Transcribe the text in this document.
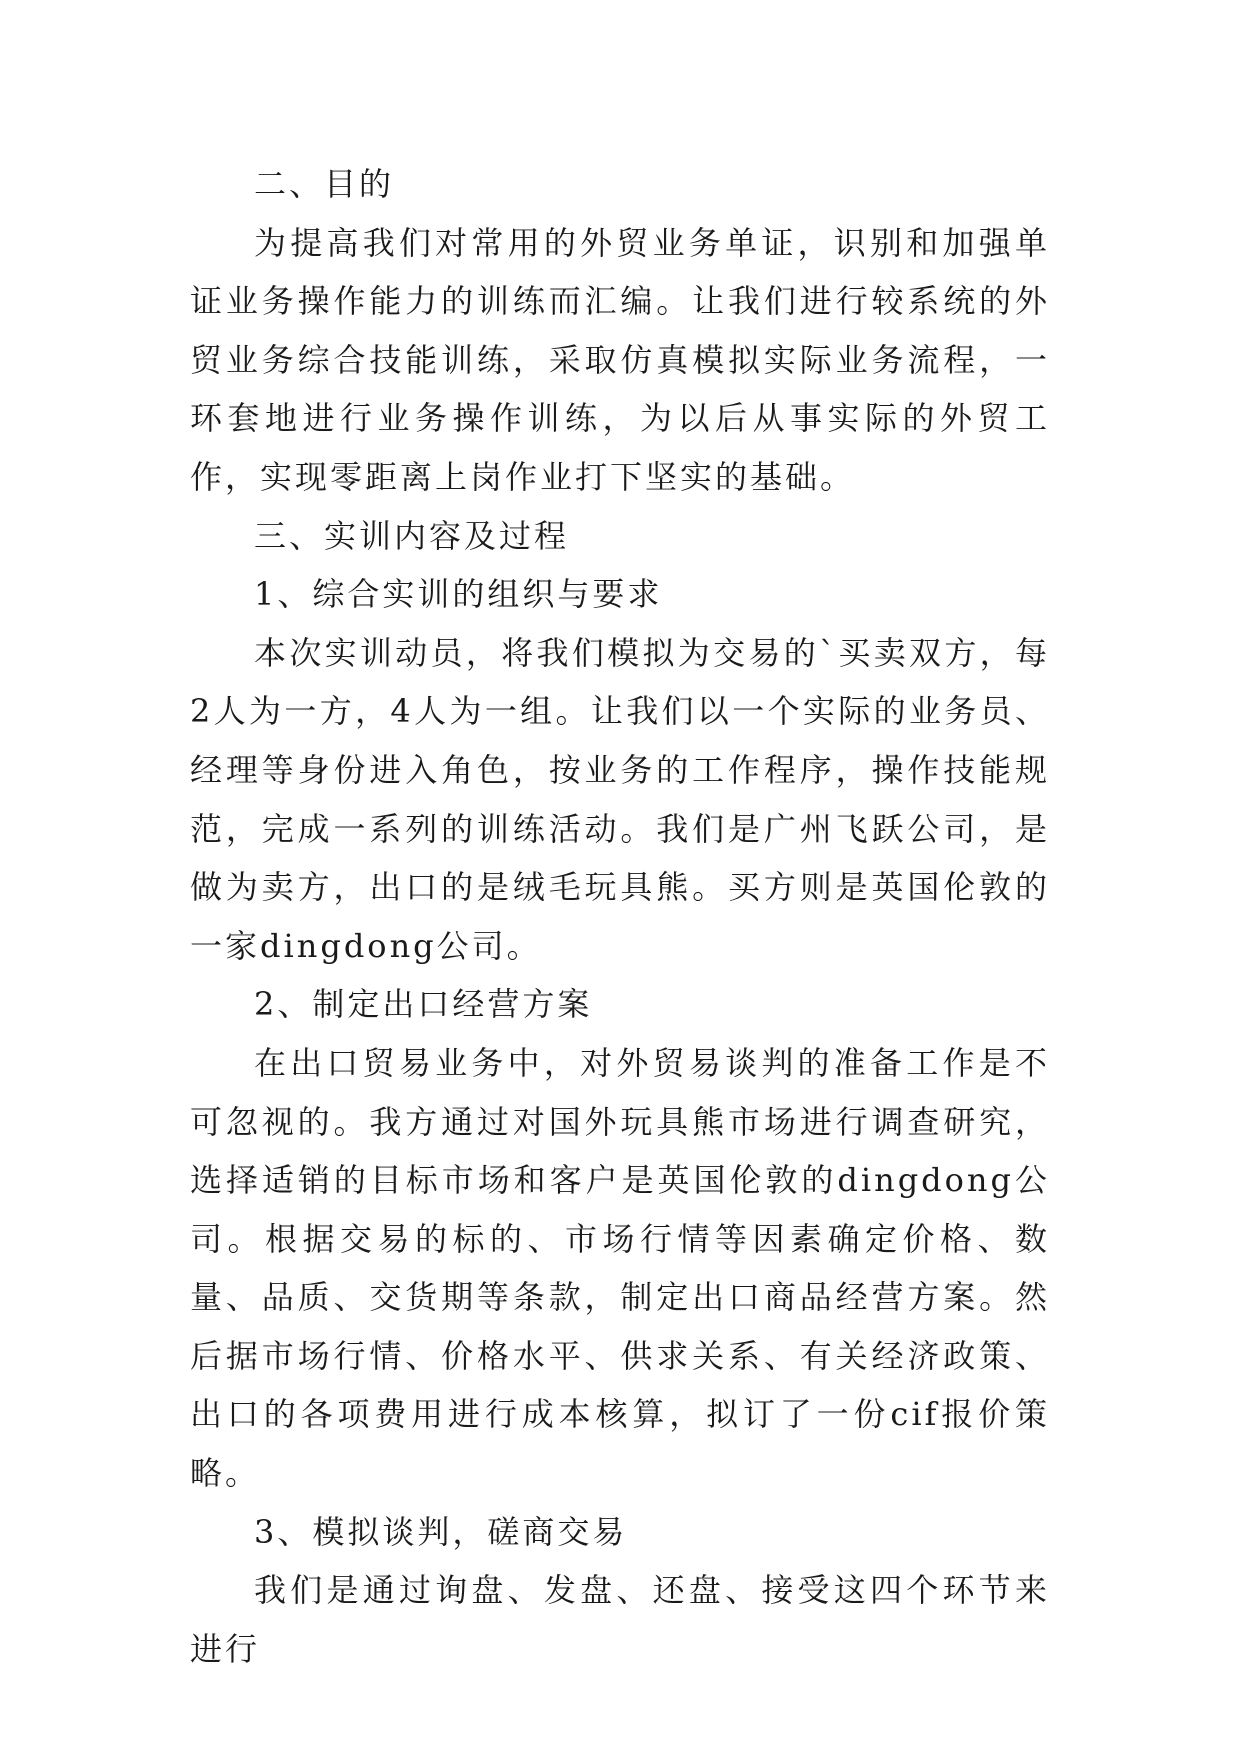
二、目的

为提高我们对常用的外贸业务单证，识别和加强单证业务操作能力的训练而汇编。让我们进行较系统的外贸业务综合技能训练，采取仿真模拟实际业务流程，一环套地进行业务操作训练，为以后从事实际的外贸工作，实现零距离上岗作业打下坚实的基础。

三、实训内容及过程

1、综合实训的组织与要求

本次实训动员，将我们模拟为交易的`买卖双方，每2人为一方，4人为一组。让我们以一个实际的业务员、经理等身份进入角色，按业务的工作程序，操作技能规范，完成一系列的训练活动。我们是广州飞跃公司，是做为卖方，出口的是绒毛玩具熊。买方则是英国伦敦的一家dingdong公司。

2、制定出口经营方案

在出口贸易业务中，对外贸易谈判的准备工作是不可忽视的。我方通过对国外玩具熊市场进行调查研究，选择适销的目标市场和客户是英国伦敦的dingdong公司。根据交易的标的、市场行情等因素确定价格、数量、品质、交货期等条款，制定出口商品经营方案。然后据市场行情、价格水平、供求关系、有关经济政策、出口的各项费用进行成本核算，拟订了一份cif报价策略。

3、模拟谈判，磋商交易

我们是通过询盘、发盘、还盘、接受这四个环节来进行
